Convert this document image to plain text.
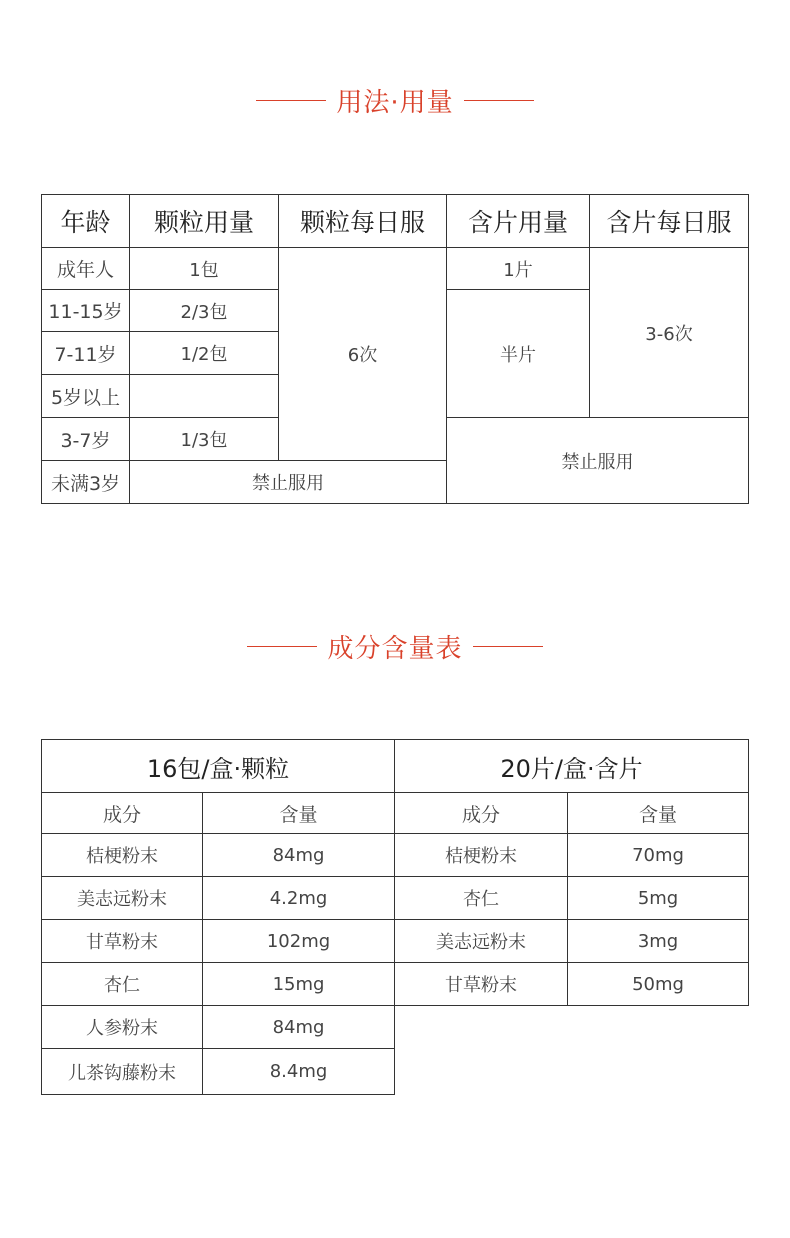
用法·用量
年龄	颗粒用量	颗粒每日服	含片用量	含片每日服
成年人	1包	6次	1片	3-6次
11-15岁	2/3包		半片	
7-11岁	1/2包			
5岁以上				
3-7岁	1/3包		禁止服用	
未满3岁	禁止服用			
成分含量表
16包/盒·颗粒		20片/盒·含片	
成分	含量	成分	含量
桔梗粉末	84mg	桔梗粉末	70mg
美志远粉末	4.2mg	杏仁	5mg
甘草粉末	102mg	美志远粉末	3mg
杏仁	15mg	甘草粉末	50mg
人参粉末	84mg		
儿茶钩藤粉末	8.4mg		
